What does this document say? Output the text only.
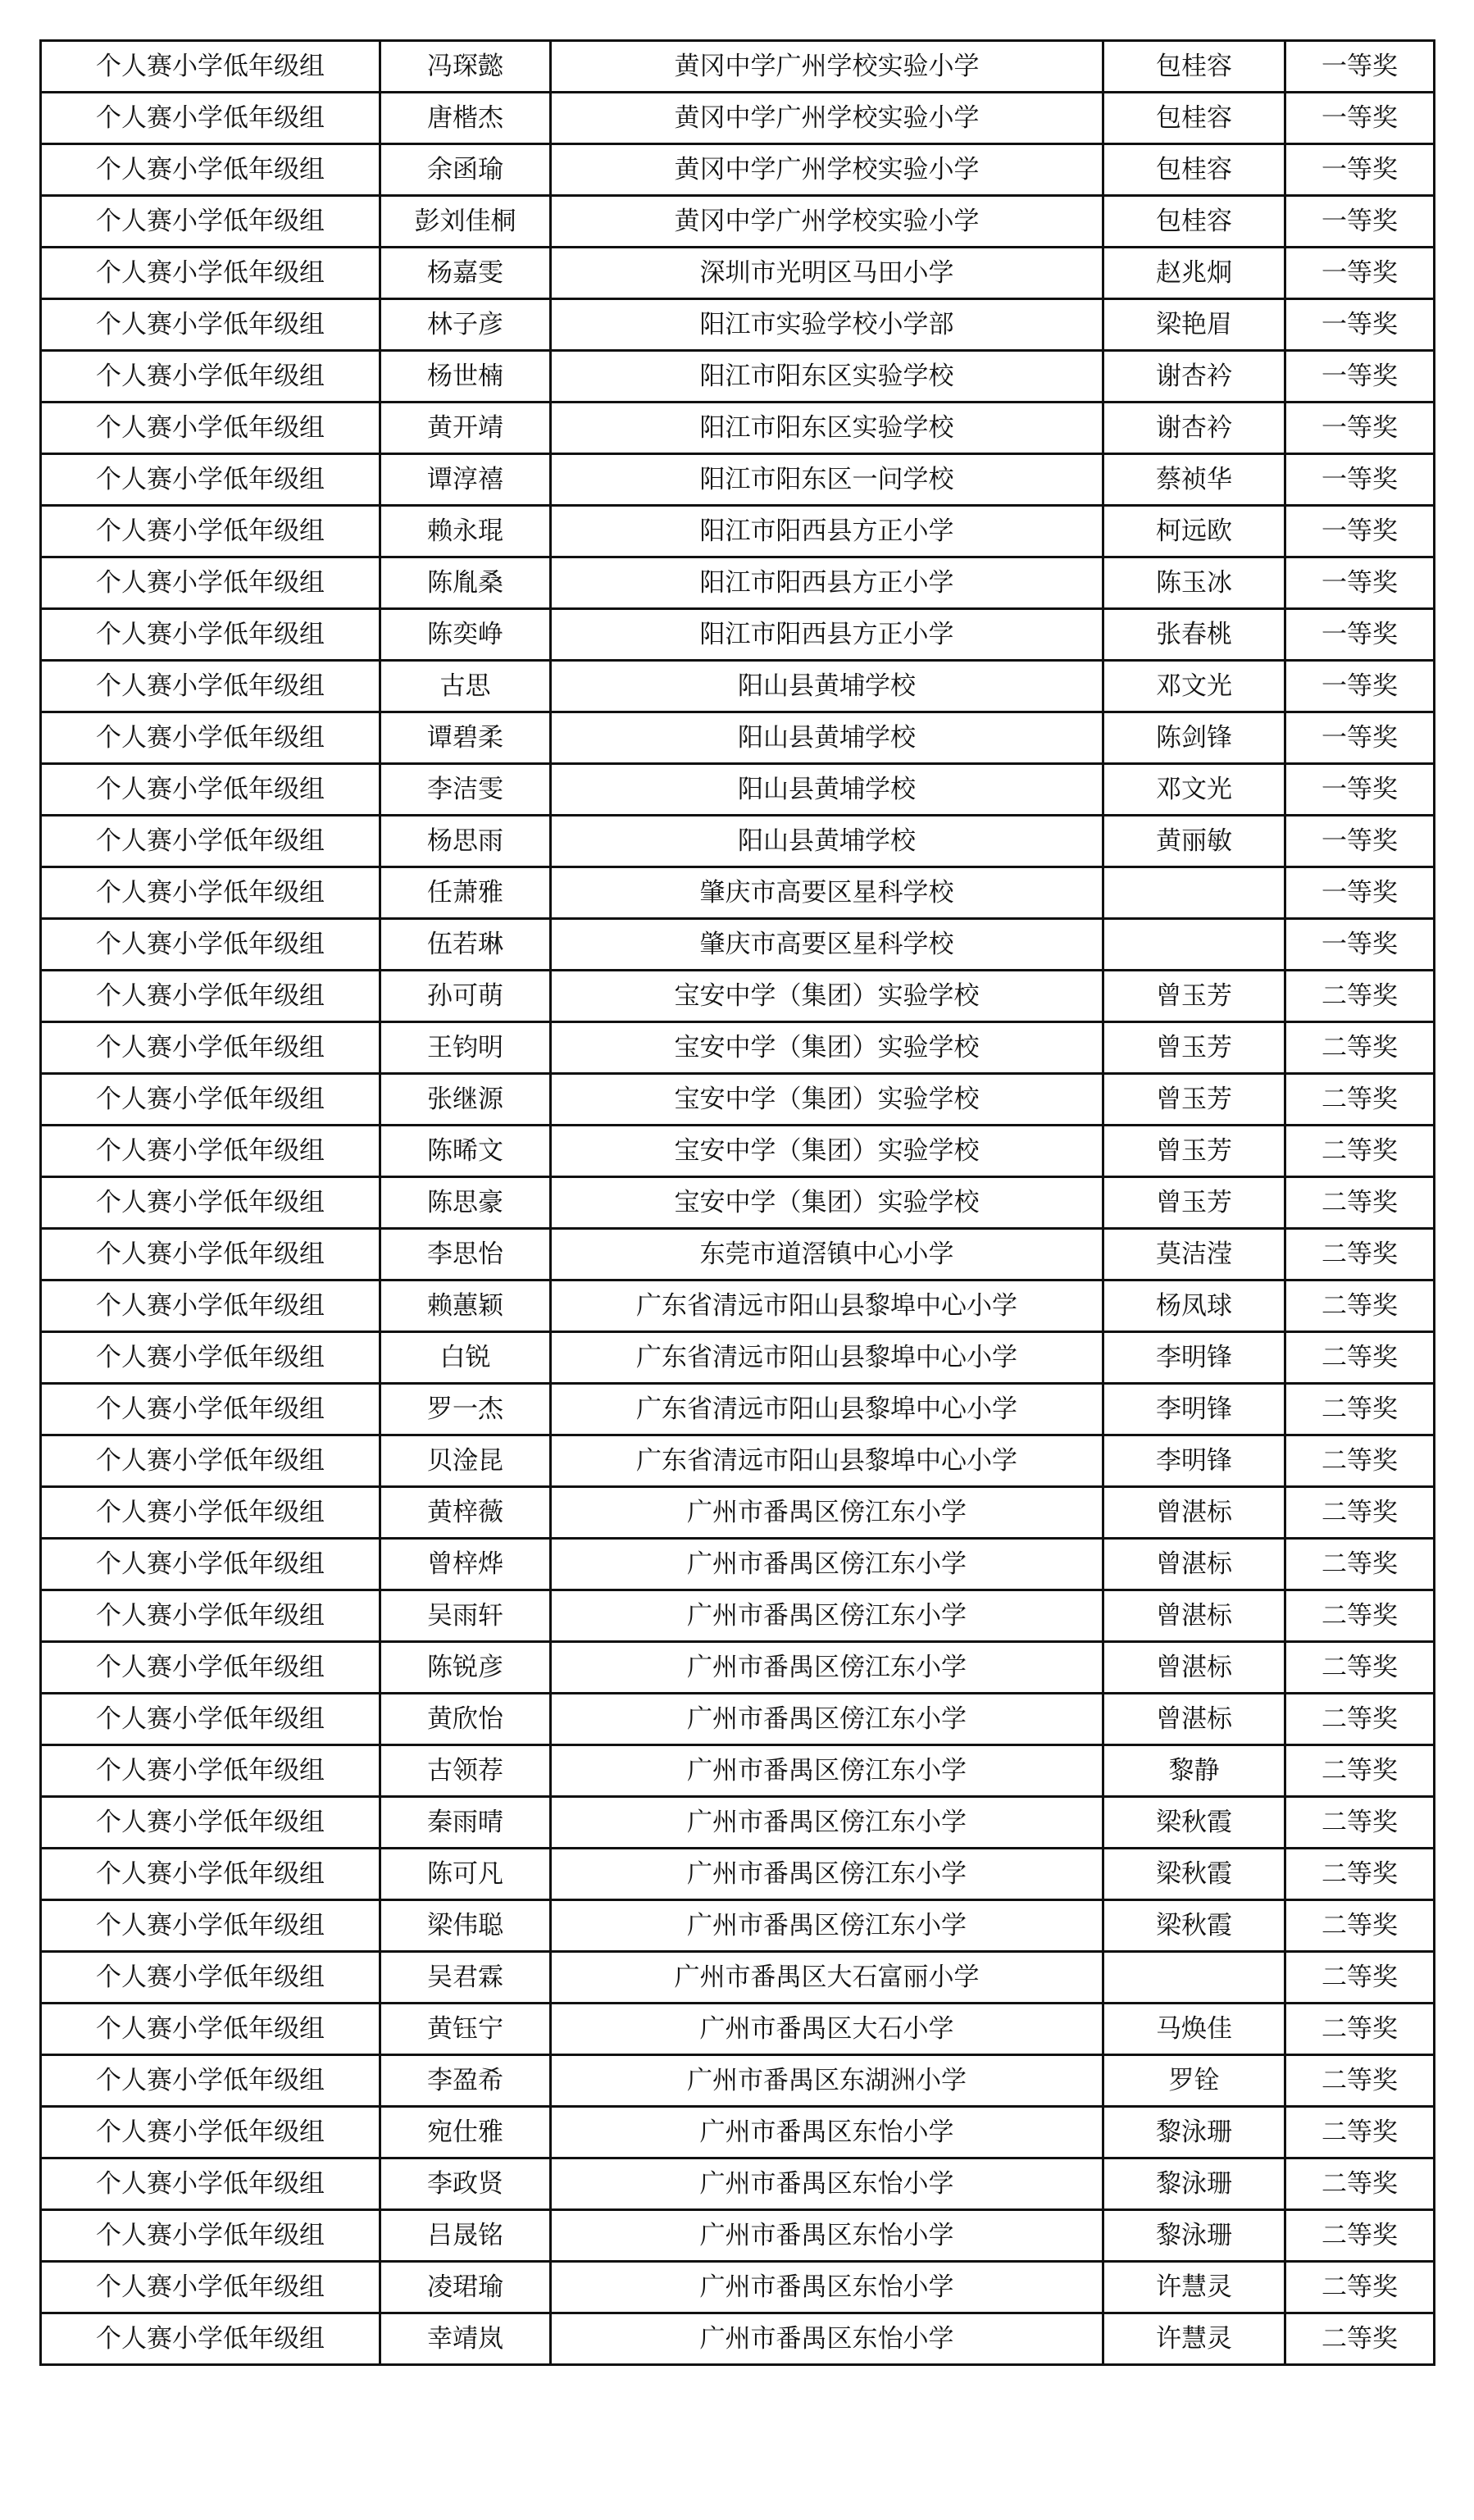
个人赛小学低年级组	冯琛懿	黄冈中学广州学校实验小学	包桂容	一等奖
个人赛小学低年级组	唐楷杰	黄冈中学广州学校实验小学	包桂容	一等奖
个人赛小学低年级组	余函瑜	黄冈中学广州学校实验小学	包桂容	一等奖
个人赛小学低年级组	彭刘佳桐	黄冈中学广州学校实验小学	包桂容	一等奖
个人赛小学低年级组	杨嘉雯	深圳市光明区马田小学	赵兆炯	一等奖
个人赛小学低年级组	林子彦	阳江市实验学校小学部	梁艳眉	一等奖
个人赛小学低年级组	杨世楠	阳江市阳东区实验学校	谢杏衿	一等奖
个人赛小学低年级组	黄开靖	阳江市阳东区实验学校	谢杏衿	一等奖
个人赛小学低年级组	谭淳禧	阳江市阳东区一问学校	蔡祯华	一等奖
个人赛小学低年级组	赖永琨	阳江市阳西县方正小学	柯远欧	一等奖
个人赛小学低年级组	陈胤桑	阳江市阳西县方正小学	陈玉冰	一等奖
个人赛小学低年级组	陈奕峥	阳江市阳西县方正小学	张春桃	一等奖
个人赛小学低年级组	古思	阳山县黄埔学校	邓文光	一等奖
个人赛小学低年级组	谭碧柔	阳山县黄埔学校	陈剑锋	一等奖
个人赛小学低年级组	李洁雯	阳山县黄埔学校	邓文光	一等奖
个人赛小学低年级组	杨思雨	阳山县黄埔学校	黄丽敏	一等奖
个人赛小学低年级组	任萧雅	肇庆市高要区星科学校		一等奖
个人赛小学低年级组	伍若琳	肇庆市高要区星科学校		一等奖
个人赛小学低年级组	孙可萌	宝安中学（集团）实验学校	曾玉芳	二等奖
个人赛小学低年级组	王钧明	宝安中学（集团）实验学校	曾玉芳	二等奖
个人赛小学低年级组	张继源	宝安中学（集团）实验学校	曾玉芳	二等奖
个人赛小学低年级组	陈晞文	宝安中学（集团）实验学校	曾玉芳	二等奖
个人赛小学低年级组	陈思豪	宝安中学（集团）实验学校	曾玉芳	二等奖
个人赛小学低年级组	李思怡	东莞市道滘镇中心小学	莫洁滢	二等奖
个人赛小学低年级组	赖蕙颖	广东省清远市阳山县黎埠中心小学	杨凤球	二等奖
个人赛小学低年级组	白锐	广东省清远市阳山县黎埠中心小学	李明锋	二等奖
个人赛小学低年级组	罗一杰	广东省清远市阳山县黎埠中心小学	李明锋	二等奖
个人赛小学低年级组	贝淦昆	广东省清远市阳山县黎埠中心小学	李明锋	二等奖
个人赛小学低年级组	黄梓薇	广州市番禺区傍江东小学	曾湛标	二等奖
个人赛小学低年级组	曾梓烨	广州市番禺区傍江东小学	曾湛标	二等奖
个人赛小学低年级组	吴雨轩	广州市番禺区傍江东小学	曾湛标	二等奖
个人赛小学低年级组	陈锐彦	广州市番禺区傍江东小学	曾湛标	二等奖
个人赛小学低年级组	黄欣怡	广州市番禺区傍江东小学	曾湛标	二等奖
个人赛小学低年级组	古领荐	广州市番禺区傍江东小学	黎静	二等奖
个人赛小学低年级组	秦雨晴	广州市番禺区傍江东小学	梁秋霞	二等奖
个人赛小学低年级组	陈可凡	广州市番禺区傍江东小学	梁秋霞	二等奖
个人赛小学低年级组	梁伟聪	广州市番禺区傍江东小学	梁秋霞	二等奖
个人赛小学低年级组	吴君霖	广州市番禺区大石富丽小学		二等奖
个人赛小学低年级组	黄钰宁	广州市番禺区大石小学	马焕佳	二等奖
个人赛小学低年级组	李盈希	广州市番禺区东湖洲小学	罗铨	二等奖
个人赛小学低年级组	宛仕雅	广州市番禺区东怡小学	黎泳珊	二等奖
个人赛小学低年级组	李政贤	广州市番禺区东怡小学	黎泳珊	二等奖
个人赛小学低年级组	吕晟铭	广州市番禺区东怡小学	黎泳珊	二等奖
个人赛小学低年级组	凌珺瑜	广州市番禺区东怡小学	许慧灵	二等奖
个人赛小学低年级组	幸靖岚	广州市番禺区东怡小学	许慧灵	二等奖
